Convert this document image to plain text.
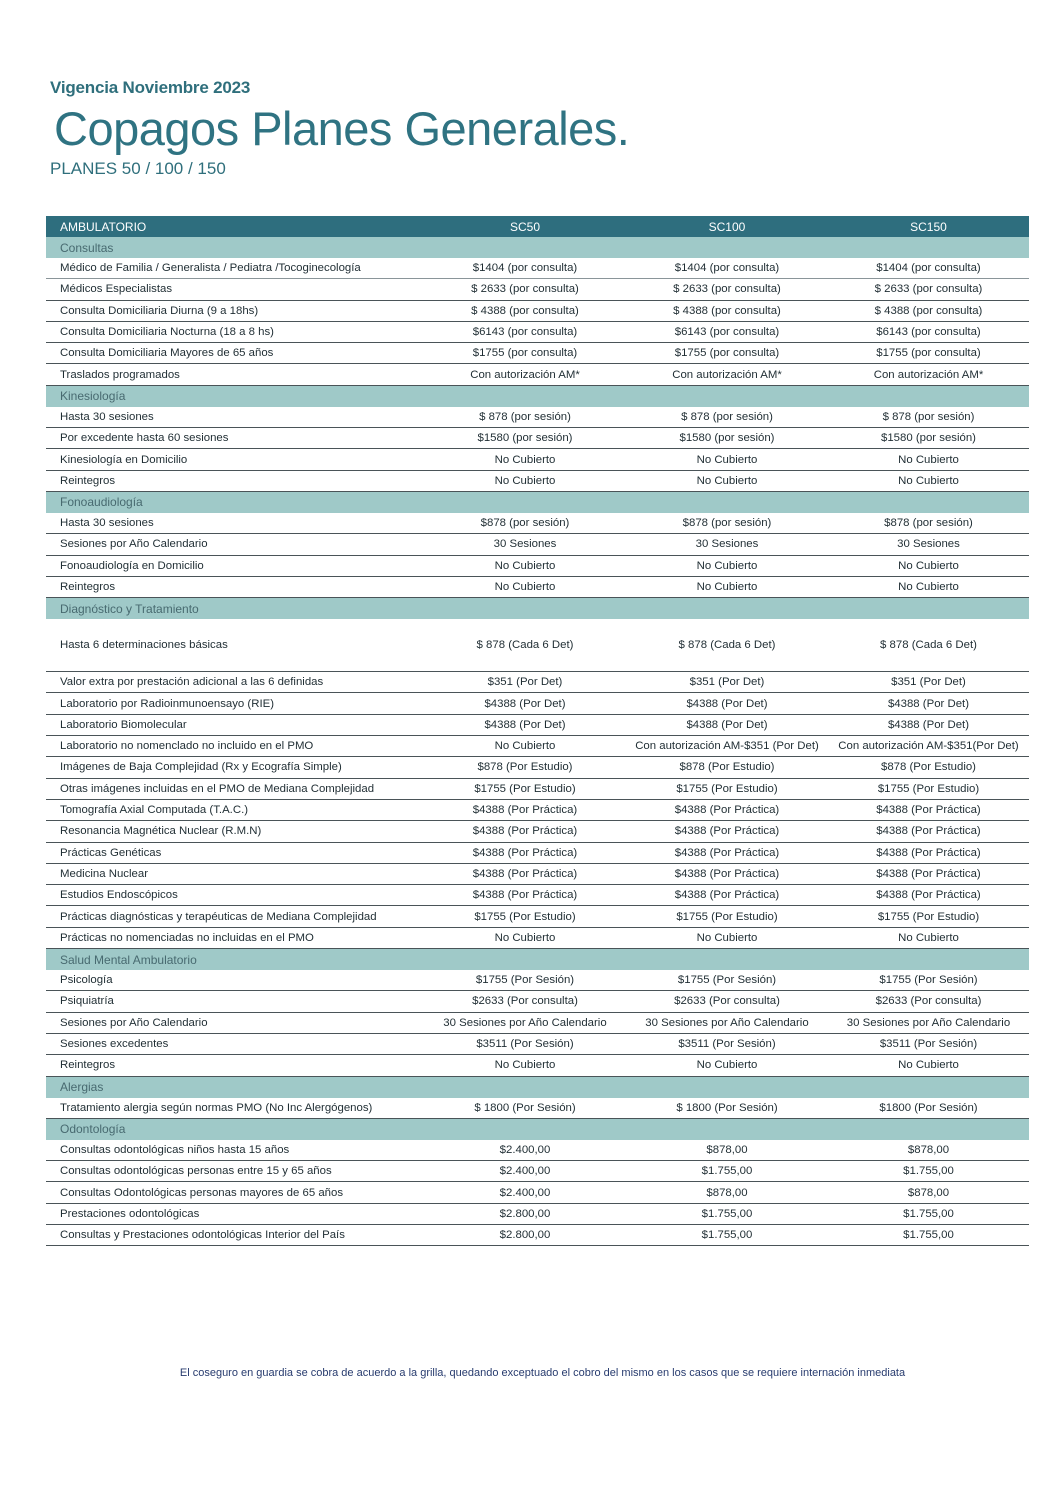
Vigencia Noviembre 2023
Copagos Planes Generales.
PLANES 50 / 100 / 150
AMBULATORIO	SC50	SC100	SC150
Consultas			
Médico de Familia / Generalista / Pediatra /Tocoginecología	$1404 (por consulta)	$1404 (por consulta)	$1404 (por consulta)
Médicos Especialistas	$ 2633 (por consulta)	$ 2633 (por consulta)	$ 2633 (por consulta)
Consulta Domiciliaria Diurna (9 a 18hs)	$ 4388 (por consulta)	$ 4388 (por consulta)	$ 4388 (por consulta)
Consulta Domiciliaria Nocturna (18 a 8 hs)	$6143 (por consulta)	$6143 (por consulta)	$6143 (por consulta)
Consulta Domiciliaria Mayores de 65 años	$1755 (por consulta)	$1755 (por consulta)	$1755 (por consulta)
Traslados programados	Con autorización AM*	Con autorización AM*	Con autorización AM*
Kinesiología			
Hasta 30 sesiones	$ 878 (por sesión)	$ 878 (por sesión)	$ 878 (por sesión)
Por excedente hasta 60 sesiones	$1580 (por sesión)	$1580 (por sesión)	$1580 (por sesión)
Kinesiología en Domicilio	No Cubierto	No Cubierto	No Cubierto
Reintegros	No Cubierto	No Cubierto	No Cubierto
Fonoaudiología			
Hasta 30 sesiones	$878 (por sesión)	$878 (por sesión)	$878 (por sesión)
Sesiones por Año Calendario	30 Sesiones	30 Sesiones	30 Sesiones
Fonoaudiología en Domicilio	No Cubierto	No Cubierto	No Cubierto
Reintegros	No Cubierto	No Cubierto	No Cubierto
Diagnóstico y Tratamiento			
Hasta 6 determinaciones básicas	$ 878 (Cada 6 Det)	$ 878 (Cada 6 Det)	$ 878 (Cada 6 Det)
Valor extra por prestación adicional a las 6 definidas	$351 (Por Det)	$351 (Por Det)	$351 (Por Det)
Laboratorio por Radioinmunoensayo (RIE)	$4388 (Por Det)	$4388 (Por Det)	$4388 (Por Det)
Laboratorio Biomolecular	$4388 (Por Det)	$4388 (Por Det)	$4388 (Por Det)
Laboratorio no nomenclado no incluido en el PMO	No Cubierto	Con autorización AM-$351 (Por Det)	Con autorización AM-$351(Por Det)
Imágenes de Baja Complejidad (Rx y Ecografía Simple)	$878 (Por Estudio)	$878 (Por Estudio)	$878 (Por Estudio)
Otras imágenes incluidas en el PMO de Mediana Complejidad	$1755 (Por Estudio)	$1755 (Por Estudio)	$1755 (Por Estudio)
Tomografía Axial Computada (T.A.C.)	$4388 (Por Práctica)	$4388 (Por Práctica)	$4388 (Por Práctica)
Resonancia Magnética Nuclear (R.M.N)	$4388 (Por Práctica)	$4388 (Por Práctica)	$4388 (Por Práctica)
Prácticas Genéticas	$4388 (Por Práctica)	$4388 (Por Práctica)	$4388 (Por Práctica)
Medicina Nuclear	$4388 (Por Práctica)	$4388 (Por Práctica)	$4388 (Por Práctica)
Estudios Endoscópicos	$4388 (Por Práctica)	$4388 (Por Práctica)	$4388 (Por Práctica)
Prácticas diagnósticas y terapéuticas de Mediana Complejidad	$1755 (Por Estudio)	$1755 (Por Estudio)	$1755 (Por Estudio)
Prácticas no nomenciadas no incluidas en el PMO	No Cubierto	No Cubierto	No Cubierto
Salud Mental Ambulatorio			
Psicología	$1755 (Por Sesión)	$1755 (Por Sesión)	$1755 (Por Sesión)
Psiquiatría	$2633 (Por consulta)	$2633 (Por consulta)	$2633 (Por consulta)
Sesiones por Año Calendario	30 Sesiones por Año Calendario	30 Sesiones por Año Calendario	30 Sesiones por Año Calendario
Sesiones excedentes	$3511 (Por Sesión)	$3511 (Por Sesión)	$3511 (Por Sesión)
Reintegros	No Cubierto	No Cubierto	No Cubierto
Alergias			
Tratamiento alergia según normas PMO (No Inc Alergógenos)	$ 1800 (Por Sesión)	$ 1800 (Por Sesión)	$1800 (Por Sesión)
Odontología			
Consultas odontológicas niños hasta 15 años	$2.400,00	$878,00	$878,00
Consultas odontológicas personas entre 15 y 65 años	$2.400,00	$1.755,00	$1.755,00
Consultas Odontológicas personas mayores de 65 años	$2.400,00	$878,00	$878,00
Prestaciones odontológicas	$2.800,00	$1.755,00	$1.755,00
Consultas y Prestaciones odontológicas Interior del País	$2.800,00	$1.755,00	$1.755,00
El coseguro en guardia se cobra de acuerdo a la grilla, quedando exceptuado el cobro del mismo en los casos que se requiere internación inmediata
